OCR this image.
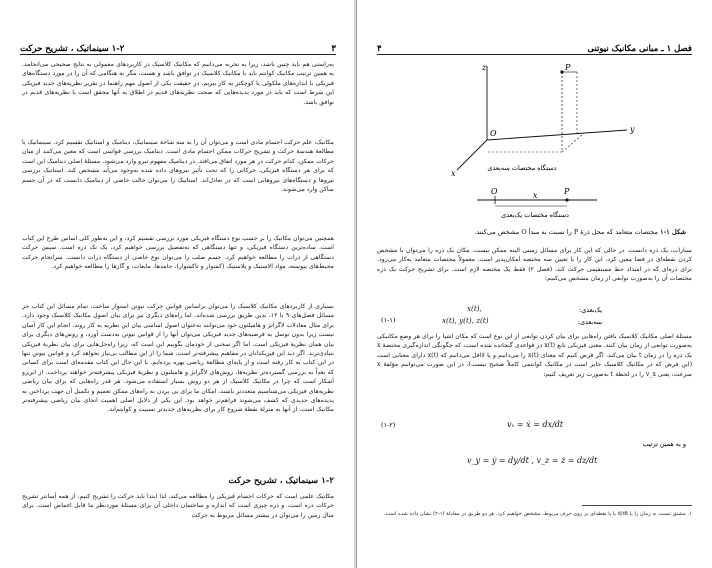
۱-۲ سینماتیک ، تشریح حرکت	۳

به‌راستی هم باید چنین باشد، زیرا به تجربه می‌دانیم که مکانیک کلاسیک در کاربردهای معمولی به نتایج صحیحی می‌انجامد. به همین ترتیب مکانیک کوانتم باید با مکانیک کلاسیک در توافق باشد و هست، مگر به هنگامی که آن را در مورد دستگاه‌های فیزیکی با اندازه‌های ملکولی یا کوچکتر به کار ببریم. در حقیقت یکی از اصول مهم راهنما در تقریر نظریه‌های جدید فیزیکی این شرط است که باید در مورد پدیده‌هایی که صحت نظریه‌های قدیم در اطلاق به آنها محقق است با نظریه‌های قدیم در توافق باشد.

مکانیک، علم حرکت اجسام مادی است و می‌توان آن را به سه شاخهٔ سینماتیک، دینامیک و استاتیک تقسیم کرد. سینماتیک یا مطالعهٔ هندسهٔ حرکت و تشریح حرکات ممکن اجسام مادی است. دینامیک بررسی قوانینی است که معین می‌کنند از میان حرکات ممکن، کدام حرکت در هر مورد اتفاق می‌افتد. در دینامیک مفهوم نیرو وارد می‌شود. مسئلهٔ اصلی دینامیک این است که برای هر دستگاه فیزیکی، حرکاتی را که تحت تأثیر نیروهای داده شده به‌وجود می‌آید مشخص کند. استاتیک بررسی نیروها و دستگاه‌های نیروهایی است که در تعادل‌اند. استاتیک را می‌توان حالت خاصی از دینامیک دانست که در آن جسم ساکن وارد می‌شوند.

همچنین می‌توان مکانیک را بر حسب نوع دستگاه فیزیکی مورد بررسی تقسیم کرد، و این به‌طور کلی اساس طرح این کتاب است. ساده‌ترین دستگاه فیزیکی، و تنها دستگاهی که به‌تفصیل بررسی خواهیم کرد، یک تک ذره است. سپس حرکت دستگاهی از ذرات را مطالعه خواهیم کرد. جسم صلب را می‌توان نوع خاصی از دستگاه ذرات دانست. سرانجام حرکت محیط‌های پیوسته، مواد الاستیک و پلاستیک (کشوار و تاکشوار)، جامدها، مایعات، و گازها را مطالعه خواهیم کرد.

بسیاری از کاربردهای مکانیک کلاسیک را می‌توان براساس قوانین حرکت نیوتن استوار ساخت. تمام مسائل این کتاب جز مسائل فصل‌های ۹ تا ۱۲، بدین طریق بررسی شده‌اند. اما راه‌های دیگری نیز برای بیان اصول مکانیک کلاسیک وجود دارد. برای مثال معادلات لاگرانژ و هامیلتون خود می‌توانند به‌عنوان اصول اساسی بیان این نظریه به کار روند. انجام این کار آسان نیست زیرا بدون توسل به فرضیه‌های جدید فیزیکی می‌توان آنها را از قوانین نیوتن به‌دست آورد، و روش‌های دیگری برای بیان همان نظریهٔ فیزیکی است. اما اگر سخنی از خودمان بگوییم این است که، زیرا راه‌حل‌هایی برای بیان نظریهٔ فیزیکی بنیادی‌ترند. اگر دید این فیزیکدانان در مفاهیم پیشرفته‌تر است، شما را از این مطالب بی‌نیاز نخواهد کرد و قوانین نیوتن تنها در این کتاب به کار رفته است و از پایه‌ای مطالعهٔ ریاضی بهره برده‌ایم. با این حال این کتاب مقدمه‌ای است برای کسانی که بعداً به بررسی گسترده‌تر نظریه‌ها، روش‌های لاگرانژ و هامیلتون و نظریهٔ فیزیکی پیشرفته‌تر خواهند پرداخت. از این‌رو آشکار است که چرا در مکانیک کلاسیک از هر دو روش بسیار استفاده می‌شود. هر قدر راه‌هایی که برای بیان ریاضی نظریه‌های فیزیکی می‌شناسیم متعددتر باشند، امکان ما برای پی بردن به راه‌های ممکن تعمیم و تکمیل آن جهت پرداختن به پدیده‌های جدیدی که کشف می‌شوند فراهم‌تر خواهد بود. این یکی از دلایل اصلی اهمیت انحای بیان ریاضی پیشرفته‌تر مکانیک است. از آنها به منزلهٔ نقطهٔ شروع کار برای نظریه‌های جدیدتر نسبیت و کوانتم‌اند.

۱-۲ سینماتیک ، تشریح حرکت

مکانیک علمی است که حرکات اجسام فیزیکی را مطالعه می‌کند. لذا ابتدا باید حرکت را تشریح کنیم. از همه آسانتر تشریح حرکات ذره است، و ذره چیزی است که اندازه و ساختمان داخلی آن برای مسئلهٔ موردنظر ما قابل اغماض است. برای مثال زمین را می‌توان در بیشتر مسائل مربوط به حرکت

۴	فصل ۱ ـ مبانی مکانیک نیوتنی
z	P
O
x
y
دستگاه مختصات سه‌بعدی
O	x	P
دستگاه مختصات یک‌بعدی
شکل ۱-۱ مختصات متعامد که محل ذرهٔ P را نسبت به مبدأ O مشخص می‌کنند.

سیارات، یک ذره دانست. در حالی که این کار برای مسائل زمینی البته ممکن نیست. مکان یک ذره را می‌توان با مشخص کردن نقطه‌ای در فضا معین کرد. این کار را با تعیین سه مختصه امکان‌پذیر است. معمولاً مختصات متعامد به‌کار می‌رود. برای ذره‌ای که در امتداد خط مستقیمی حرکت کند، (فصل ۲) فقط یک مختصه لازم است. برای تشریح حرکت یک ذره مختصات آن را به‌صورت توابعی از زمان مشخص می‌کنیم:

یک‌بعدی:
x(t),
سه‌بعدی:
x(t), y(t), z(t)
(۱-۱)

مسئلهٔ اصلی مکانیک کلاسیک یافتن راه‌هایی برای بیان کردن توابعی از این نوع است که مکان اشیا را برای هر وضع مکانیکی به‌صورت توابعی از زمان بیان کنند. معنی فیزیکی تابع x(t) در قواعدی گنجانده شده است، که چگونگی اندازه‌گیری مختصهٔ x یک ذره را در زمان t بیان می‌کند. اگر فرض کنیم که معنای x(t) را می‌دانیم و یا لااقل می‌دانیم که x(t) دارای معنایی است (این فرض که در مکانیک کلاسیک جایز است در مکانیک کوانتمی کاملاً صحیح نیست)، در این صورت می‌توانیم مؤلفهٔ x سرعت، یعنی v_x را در لحظهٔ t به‌صورت زیر تعریف کنیم:

vₓ = ẋ = dx/dt
(۱-۲)
و به همین ترتیب
v_y = ẏ = dy/dt , v_z = ż = dz/dt

۱. مشتق نسبت به زمان را با d/dt یا با نقطه‌ای بر روی حرف مربوط، مشخص خواهیم کرد. هر دو طریق در معادلهٔ (۱-۲) نشان داده شده است.
